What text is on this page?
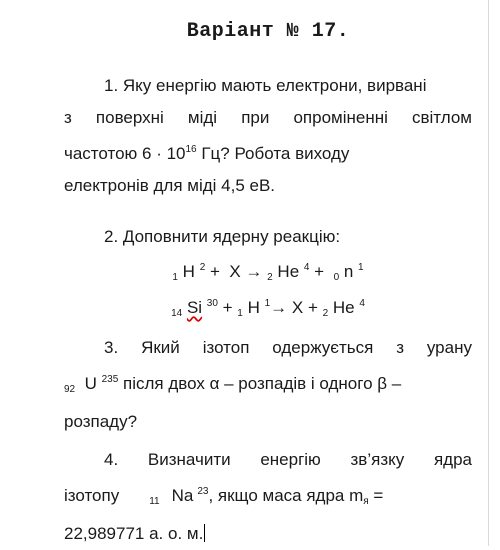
Варіант № 17.
1. Яку енергію мають електрони, вирвані
з поверхні міді при опроміненні світлом
частотою $6 \cdot 10^{16}$ Гц? Робота виходу
електронів для міді 4,5 еВ.
2. Доповнити ядерну реакцію:
$_1$ H $^2$ +  X → $_2$ He $^4$ +  $_0$ n $^1$
$_{14}$ Si $^{30}$ + $_1$ H $^1$→ X + $_2$ He $^4$
3. Який ізотоп одержується з урану
$_{92}$  U $^{235}$ після двох α – розпадів і одного β –
розпаду?
4. Визначити енергію зв’язку ядра
ізотопу	$_{11}$ Na $^{23}$, якщо маса ядра $m_я$ =
22,989771 а. о. м.
